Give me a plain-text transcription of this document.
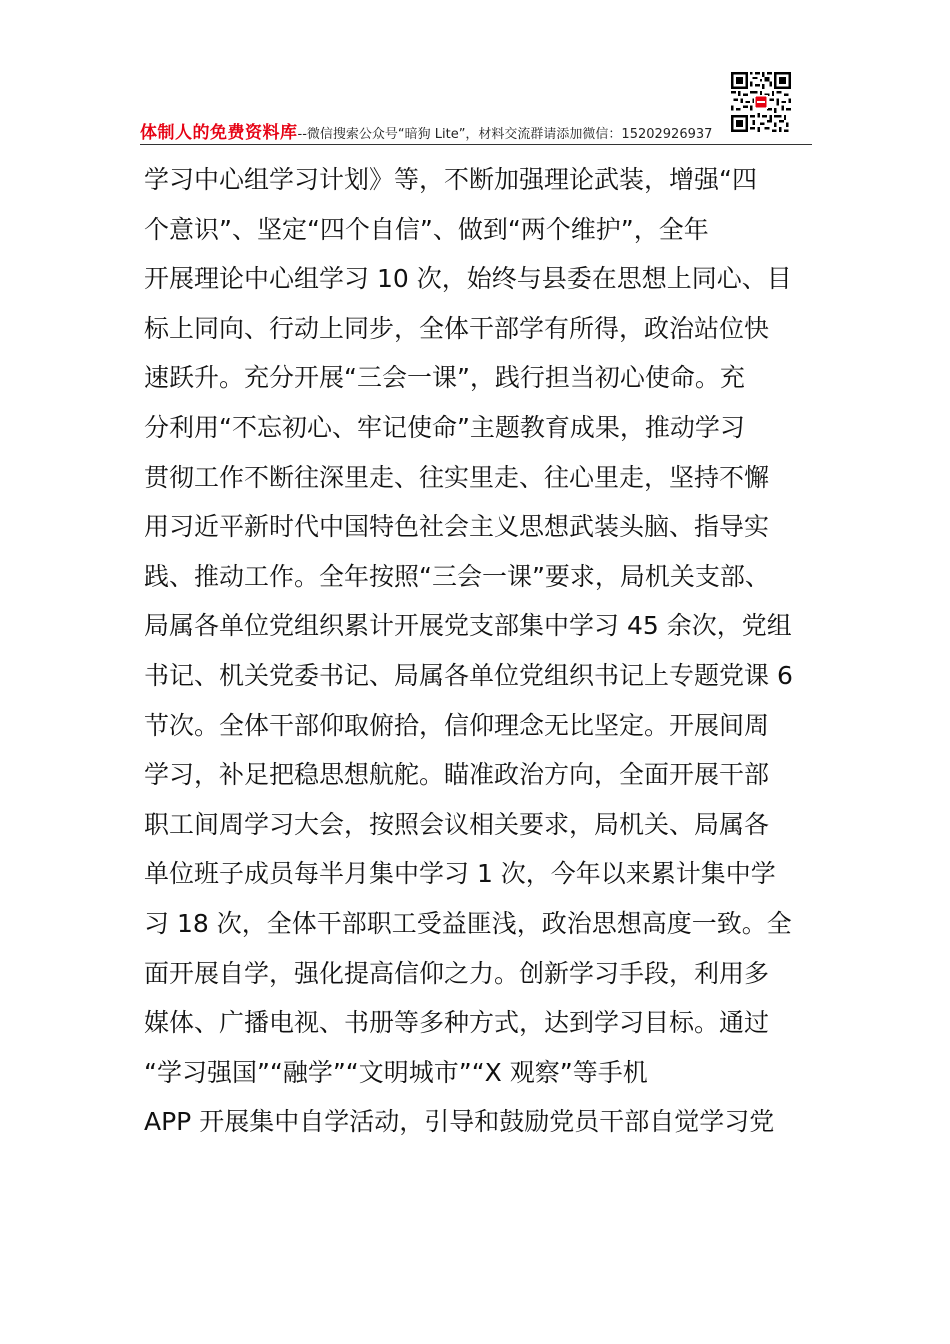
体制人的免费资料库--微信搜索公众号“暗狗 Lite”，材料交流群请添加微信：15202926937
学习中心组学习计划》等，不断加强理论武装，增强“四
个意识”、坚定“四个自信”、做到“两个维护”，全年
开展理论中心组学习 10 次，始终与县委在思想上同心、目
标上同向、行动上同步，全体干部学有所得，政治站位快
速跃升。充分开展“三会一课”，践行担当初心使命。充
分利用“不忘初心、牢记使命”主题教育成果，推动学习
贯彻工作不断往深里走、往实里走、往心里走，坚持不懈
用习近平新时代中国特色社会主义思想武装头脑、指导实
践、推动工作。全年按照“三会一课”要求，局机关支部、
局属各单位党组织累计开展党支部集中学习 45 余次，党组
书记、机关党委书记、局属各单位党组织书记上专题党课 6
节次。全体干部仰取俯拾，信仰理念无比坚定。开展间周
学习，补足把稳思想航舵。瞄准政治方向，全面开展干部
职工间周学习大会，按照会议相关要求，局机关、局属各
单位班子成员每半月集中学习 1 次，今年以来累计集中学
习 18 次，全体干部职工受益匪浅，政治思想高度一致。全
面开展自学，强化提高信仰之力。创新学习手段，利用多
媒体、广播电视、书册等多种方式，达到学习目标。通过
“学习强国”“融学”“文明城市”“X 观察”等手机
APP 开展集中自学活动，引导和鼓励党员干部自觉学习党
